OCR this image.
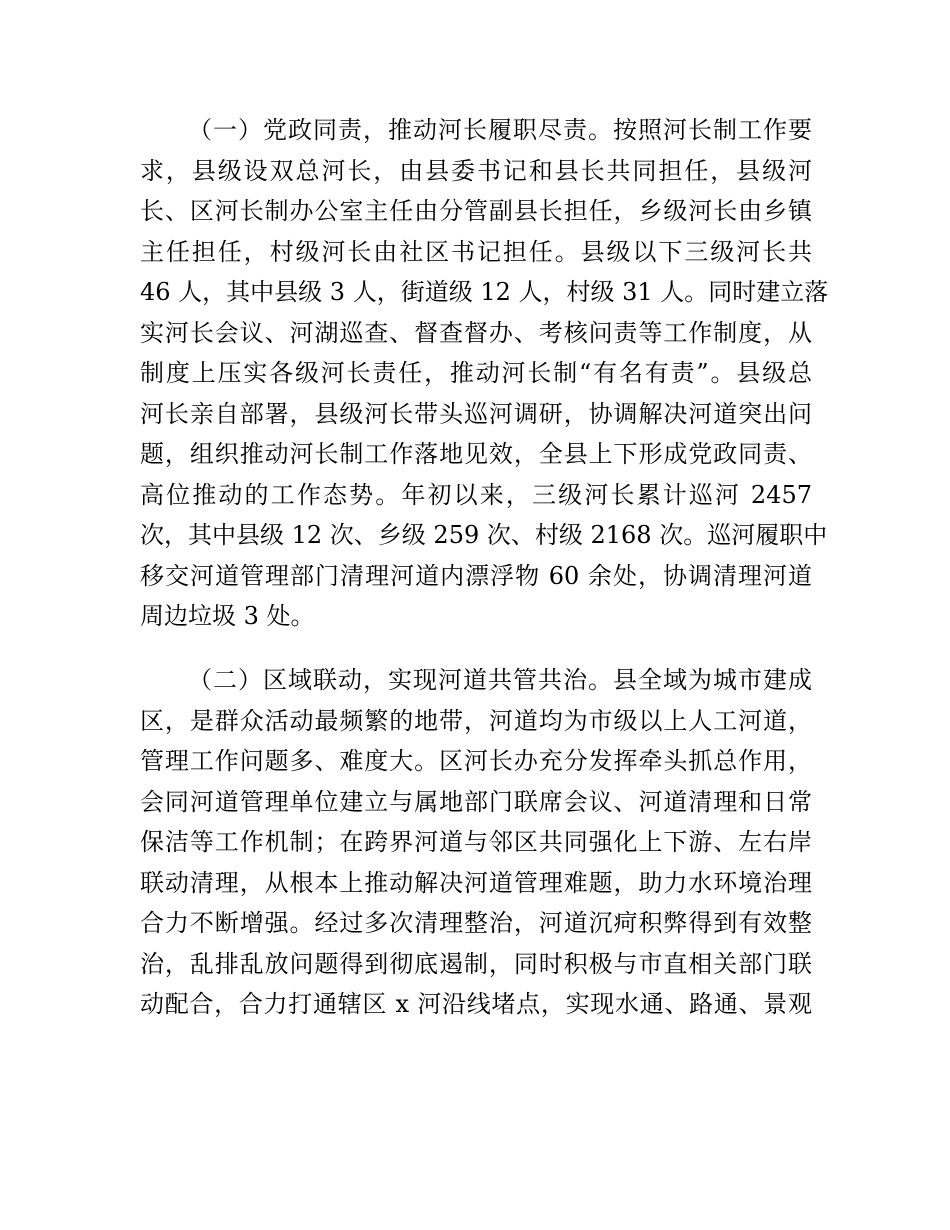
（一）党政同责，推动河长履职尽责。按照河长制工作要
求，县级设双总河长，由县委书记和县长共同担任，县级河
长、区河长制办公室主任由分管副县长担任，乡级河长由乡镇
主任担任，村级河长由社区书记担任。县级以下三级河长共
46 人，其中县级 3 人，街道级 12 人，村级 31 人。同时建立落
实河长会议、河湖巡查、督查督办、考核问责等工作制度，从
制度上压实各级河长责任，推动河长制“有名有责”。县级总
河长亲自部署，县级河长带头巡河调研，协调解决河道突出问
题，组织推动河长制工作落地见效，全县上下形成党政同责、
高位推动的工作态势。年初以来，三级河长累计巡河 2457
次，其中县级 12 次、乡级 259 次、村级 2168 次。巡河履职中
移交河道管理部门清理河道内漂浮物 60 余处，协调清理河道
周边垃圾 3 处。
（二）区域联动，实现河道共管共治。县全域为城市建成
区，是群众活动最频繁的地带，河道均为市级以上人工河道，
管理工作问题多、难度大。区河长办充分发挥牵头抓总作用，
会同河道管理单位建立与属地部门联席会议、河道清理和日常
保洁等工作机制；在跨界河道与邻区共同强化上下游、左右岸
联动清理，从根本上推动解决河道管理难题，助力水环境治理
合力不断增强。经过多次清理整治，河道沉疴积弊得到有效整
治，乱排乱放问题得到彻底遏制，同时积极与市直相关部门联
动配合，合力打通辖区 x 河沿线堵点，实现水通、路通、景观
